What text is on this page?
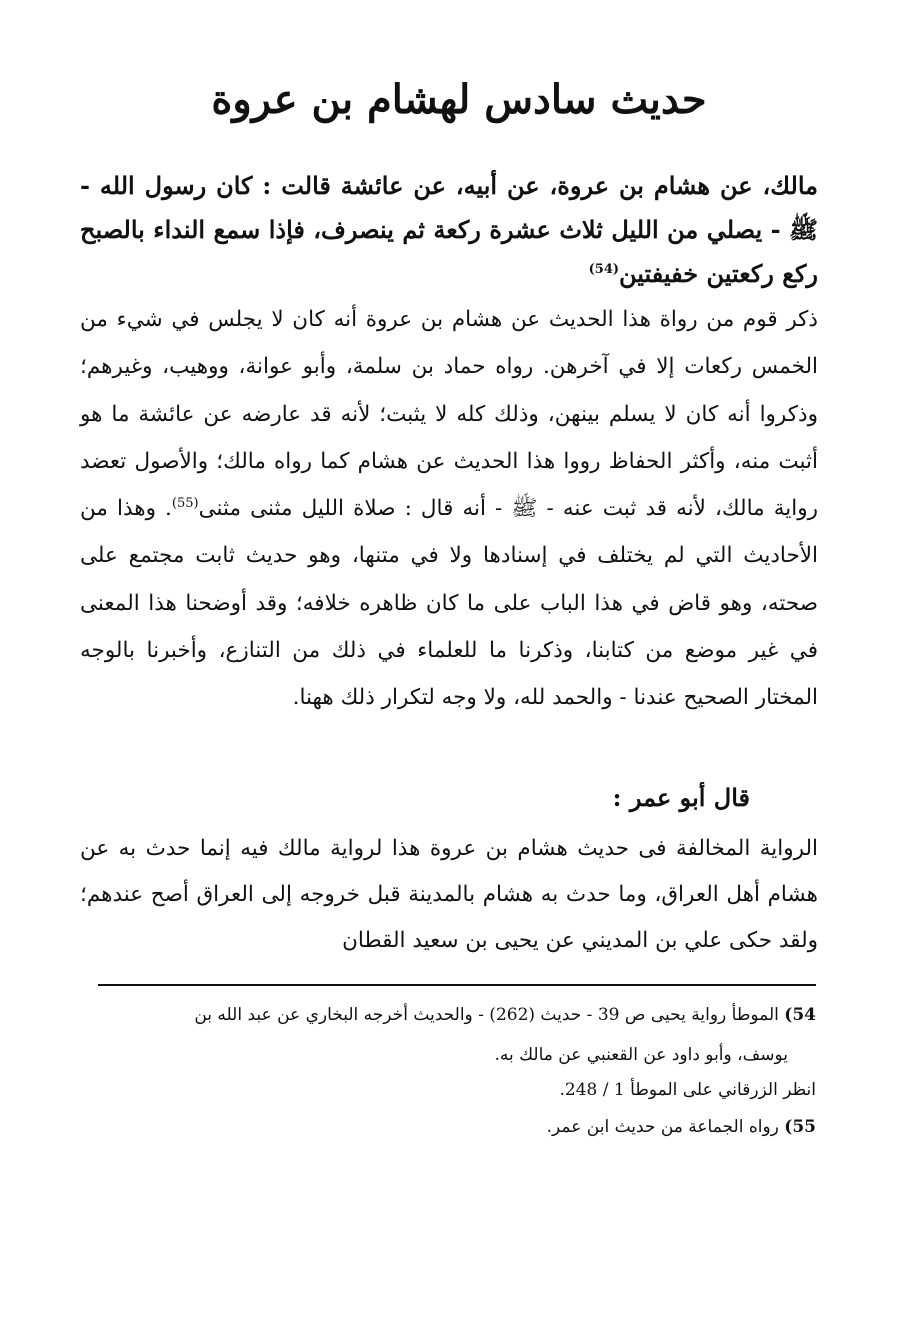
حديث سادس لهشام بن عروة

مالك، عن هشام بن عروة، عن أبيه، عن عائشة قالت : كان رسول الله - ﷺ - يصلي من الليل ثلاث عشرة ركعة ثم ينصرف، فإذا سمع النداء بالصبح ركع ركعتين خفيفتين$^{(54)}$

ذكر قوم من رواة هذا الحديث عن هشام بن عروة أنه كان لا يجلس في شيء من الخمس ركعات إلا في آخرهن. رواه حماد بن سلمة، وأبو عوانة، ووهيب، وغيرهم؛ وذكروا أنه كان لا يسلم بينهن، وذلك كله لا يثبت؛ لأنه قد عارضه عن عائشة ما هو أثبت منه، وأكثر الحفاظ رووا هذا الحديث عن هشام كما رواه مالك؛ والأصول تعضد رواية مالك، لأنه قد ثبت عنه - ﷺ - أنه قال : صلاة الليل مثنى مثنى$^{(55)}$. وهذا من الأحاديث التي لم يختلف في إسنادها ولا في متنها، وهو حديث ثابت مجتمع على صحته، وهو قاض في هذا الباب على ما كان ظاهره خلافه؛ وقد أوضحنا هذا المعنى في غير موضع من كتابنا، وذكرنا ما للعلماء في ذلك من التنازع، وأخبرنا بالوجه المختار الصحيح عندنا - والحمد لله، ولا وجه لتكرار ذلك ههنا.

قال أبو عمر :

الرواية المخالفة فى حديث هشام بن عروة هذا لرواية مالك فيه إنما حدث به عن هشام أهل العراق، وما حدث به هشام بالمدينة قبل خروجه إلى العراق أصح عندهم؛ ولقد حكى علي بن المديني عن يحيى بن سعيد القطان

54) الموطأ رواية يحيى ص 39 - حديث (262) - والحديث أخرجه البخاري عن عبد الله بن
يوسف، وأبو داود عن القعنبي عن مالك به.
انظر الزرقاني على الموطأ 1 / 248.
55) رواه الجماعة من حديث ابن عمر.
